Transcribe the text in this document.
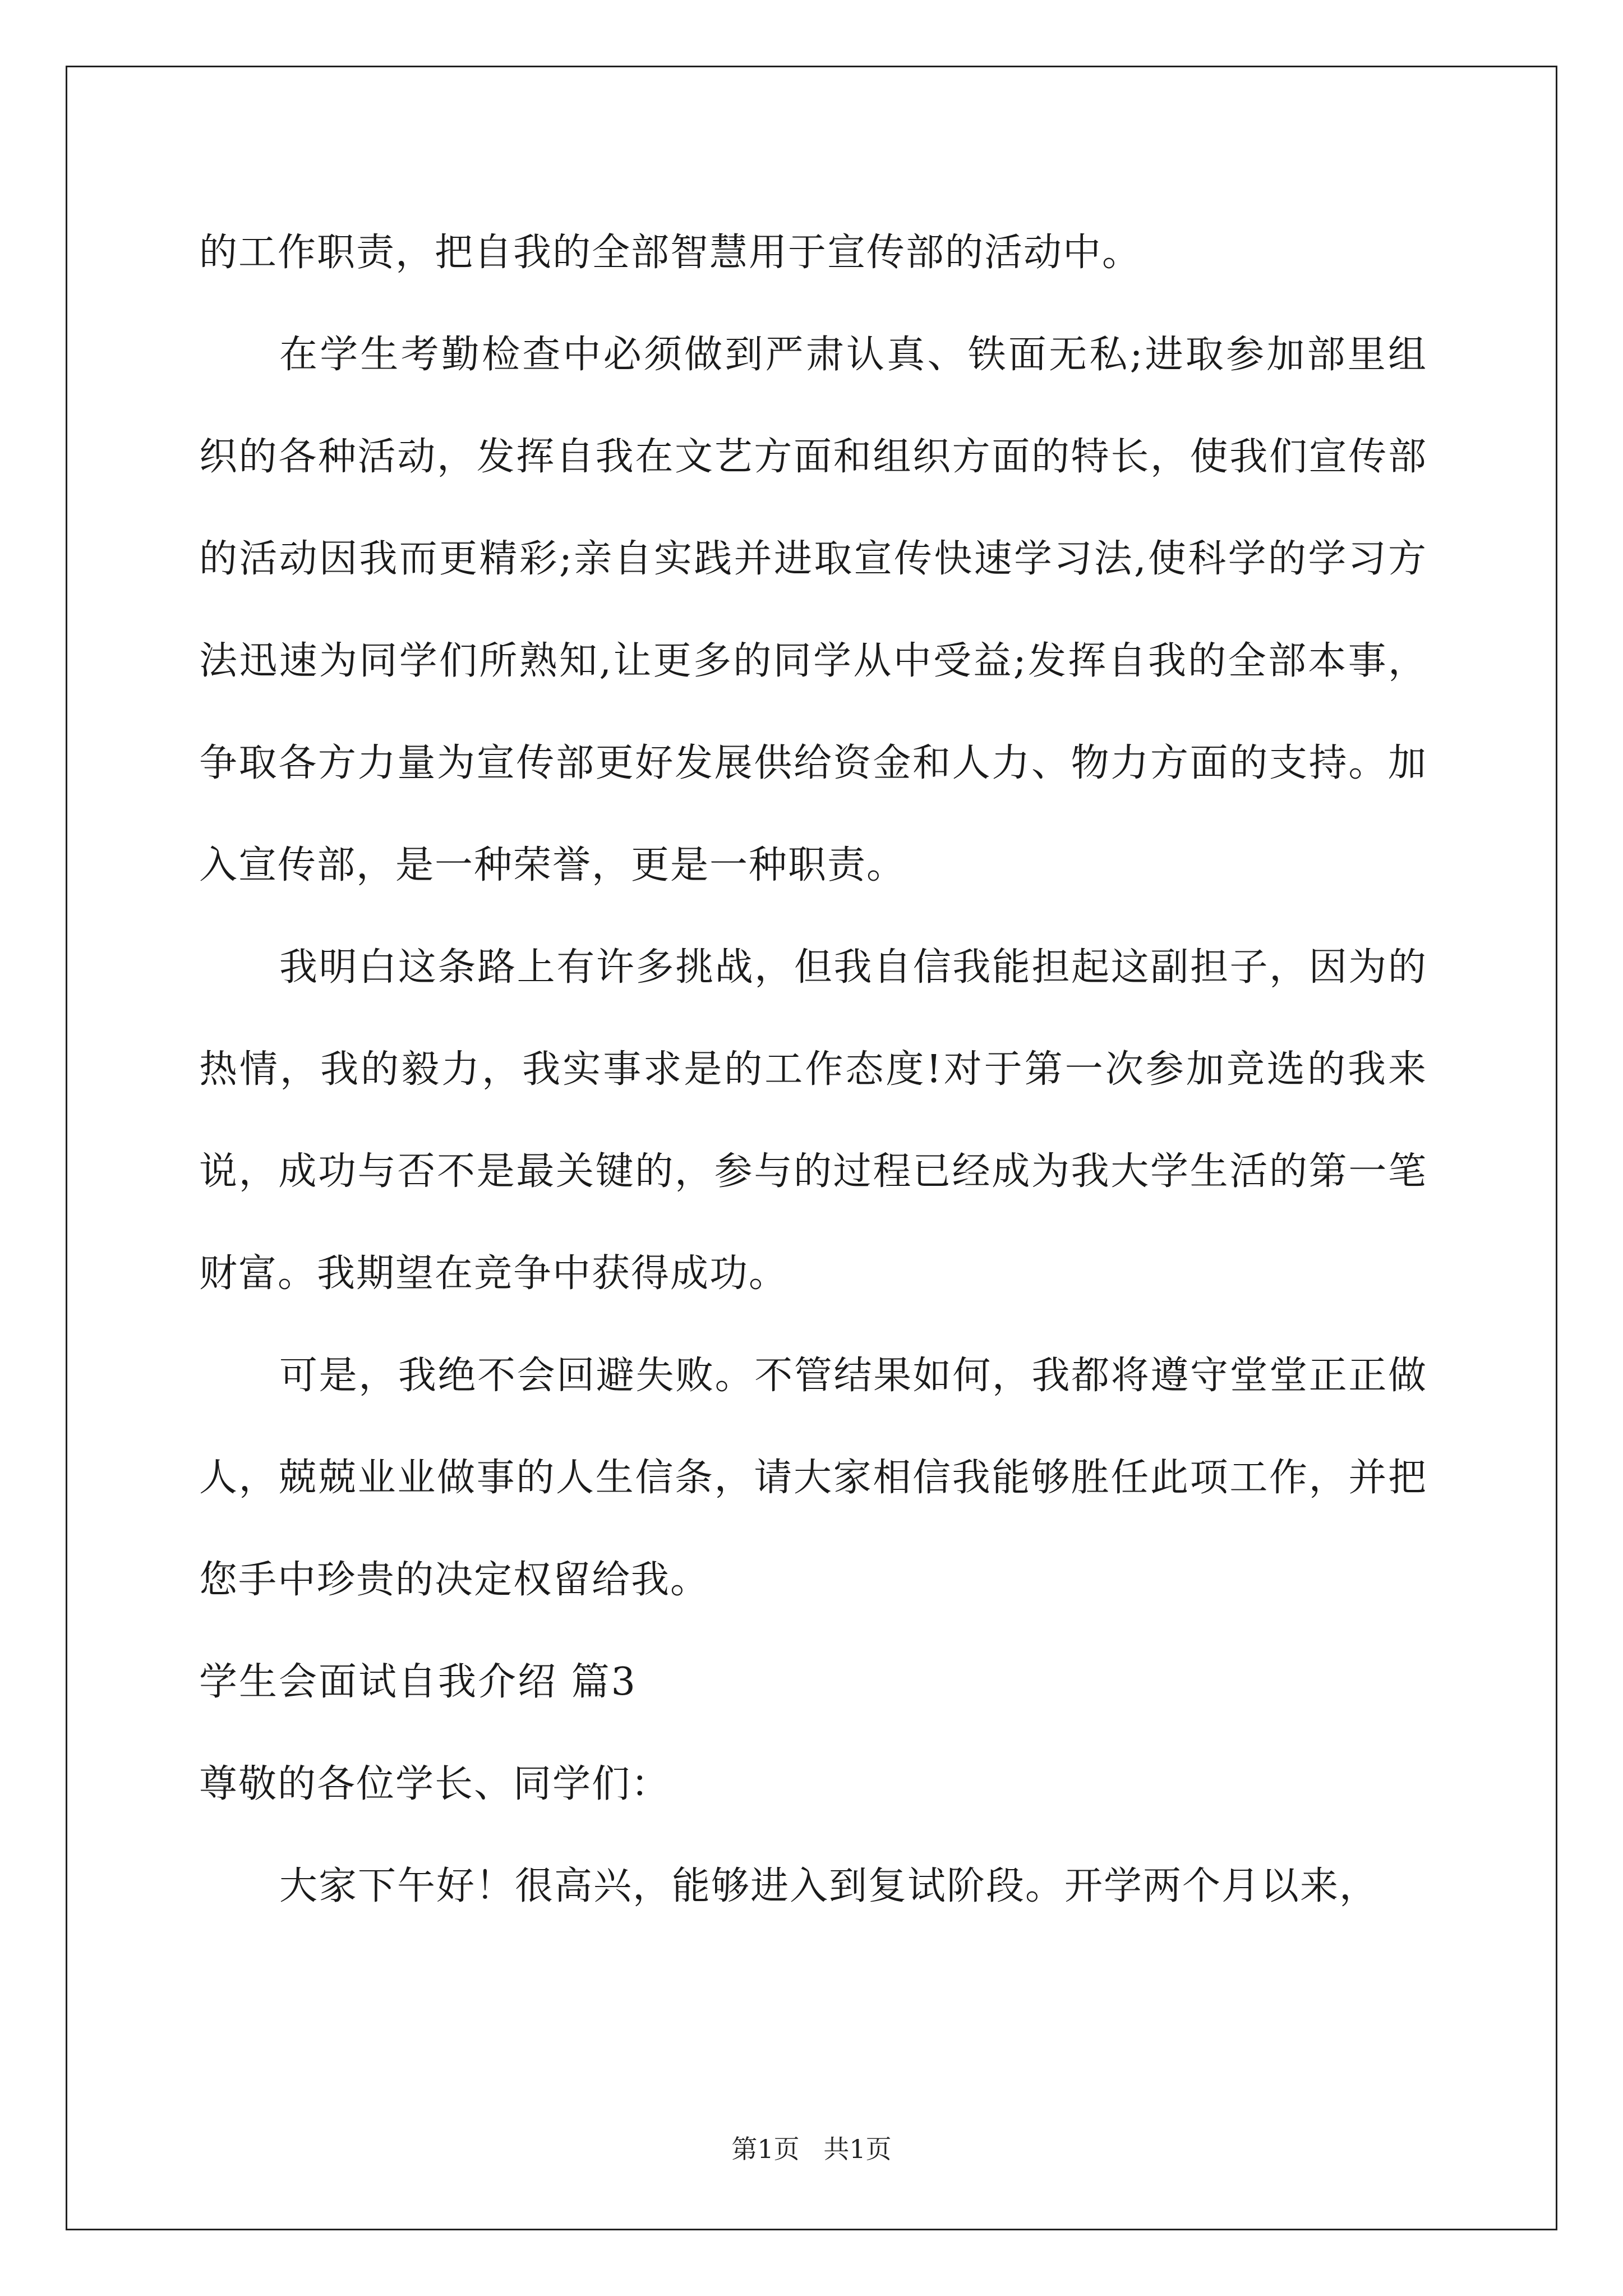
的工作职责，把自我的全部智慧用于宣传部的活动中。

在学生考勤检查中必须做到严肃认真、铁面无私;进取参加部里组织的各种活动，发挥自我在文艺方面和组织方面的特长，使我们宣传部的活动因我而更精彩;亲自实践并进取宣传快速学习法,使科学的学习方法迅速为同学们所熟知,让更多的同学从中受益;发挥自我的全部本事，争取各方力量为宣传部更好发展供给资金和人力、物力方面的支持。加入宣传部，是一种荣誉，更是一种职责。

我明白这条路上有许多挑战，但我自信我能担起这副担子，因为的热情，我的毅力，我实事求是的工作态度!对于第一次参加竞选的我来说，成功与否不是最关键的，参与的过程已经成为我大学生活的第一笔财富。我期望在竞争中获得成功。

可是，我绝不会回避失败。不管结果如何，我都将遵守堂堂正正做人，兢兢业业做事的人生信条，请大家相信我能够胜任此项工作，并把您手中珍贵的决定权留给我。

学生会面试自我介绍 篇3

尊敬的各位学长、同学们：

大家下午好！很高兴，能够进入到复试阶段。开学两个月以来，

第1页 共1页
